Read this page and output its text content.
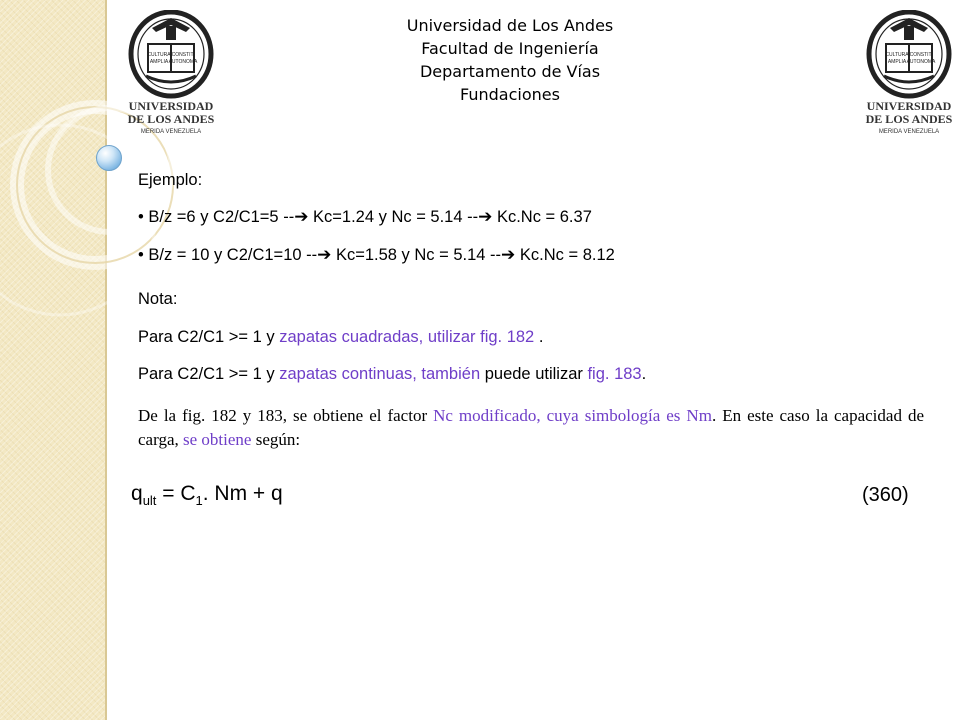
CULTURA
AMPLIA
CONSTIT.
AUTONOMA
UNIVERSIDAD
DE LOS ANDES
MERIDA VENEZUELA
CULTURA
AMPLIA
CONSTIT.
AUTONOMA
UNIVERSIDAD
DE LOS ANDES
MERIDA VENEZUELA
Universidad de Los Andes
Facultad de Ingeniería
Departamento de Vías
Fundaciones
Ejemplo:
• B/z =6 y C2/C1=5 --➔ Kc=1.24 y Nc = 5.14 --➔ Kc.Nc = 6.37
• B/z = 10 y C2/C1=10 --➔ Kc=1.58 y Nc = 5.14 --➔ Kc.Nc = 8.12
Nota:
Para C2/C1 >= 1 y zapatas cuadradas, utilizar fig. 182 .
Para C2/C1 >= 1 y zapatas continuas, también puede utilizar fig. 183.
De la fig. 182 y 183, se obtiene el factor Nc modificado, cuya simbología es Nm. En este caso la capacidad de carga, se obtiene según:
$q_{ult} = C_1$. Nm + q	(360)
